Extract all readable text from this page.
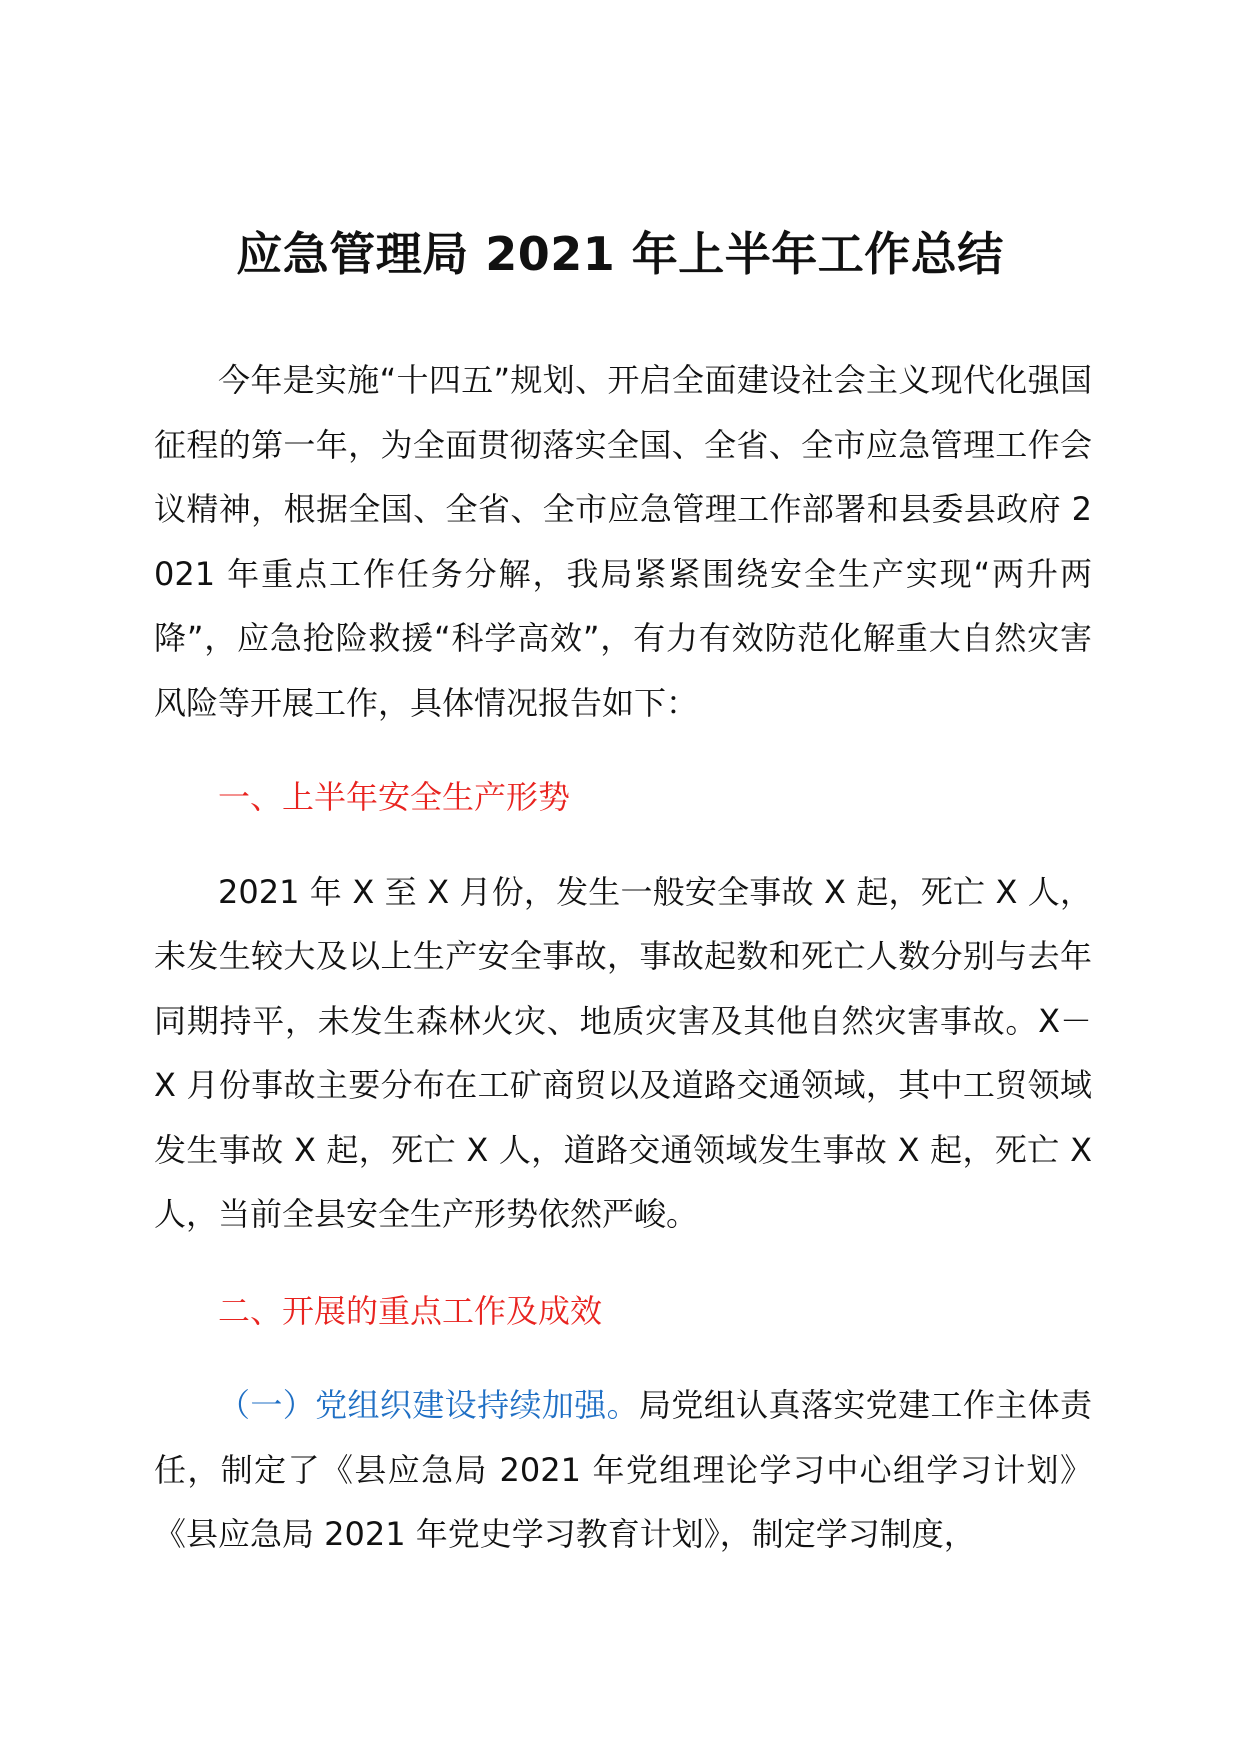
应急管理局 2021 年上半年工作总结

今年是实施“十四五”规划、开启全面建设社会主义现代化强国征程的第一年，为全面贯彻落实全国、全省、全市应急管理工作会议精神，根据全国、全省、全市应急管理工作部署和县委县政府 2021 年重点工作任务分解，我局紧紧围绕安全生产实现“两升两降”，应急抢险救援“科学高效”，有力有效防范化解重大自然灾害风险等开展工作，具体情况报告如下：

一、上半年安全生产形势

2021 年 X 至 X 月份，发生一般安全事故 X 起，死亡 X 人，未发生较大及以上生产安全事故，事故起数和死亡人数分别与去年同期持平，未发生森林火灾、地质灾害及其他自然灾害事故。X－X 月份事故主要分布在工矿商贸以及道路交通领域，其中工贸领域发生事故 X 起，死亡 X 人，道路交通领域发生事故 X 起，死亡 X 人，当前全县安全生产形势依然严峻。

二、开展的重点工作及成效

（一）党组织建设持续加强。局党组认真落实党建工作主体责任，制定了《县应急局 2021 年党组理论学习中心组学习计划》《县应急局 2021 年党史学习教育计划》，制定学习制度，
